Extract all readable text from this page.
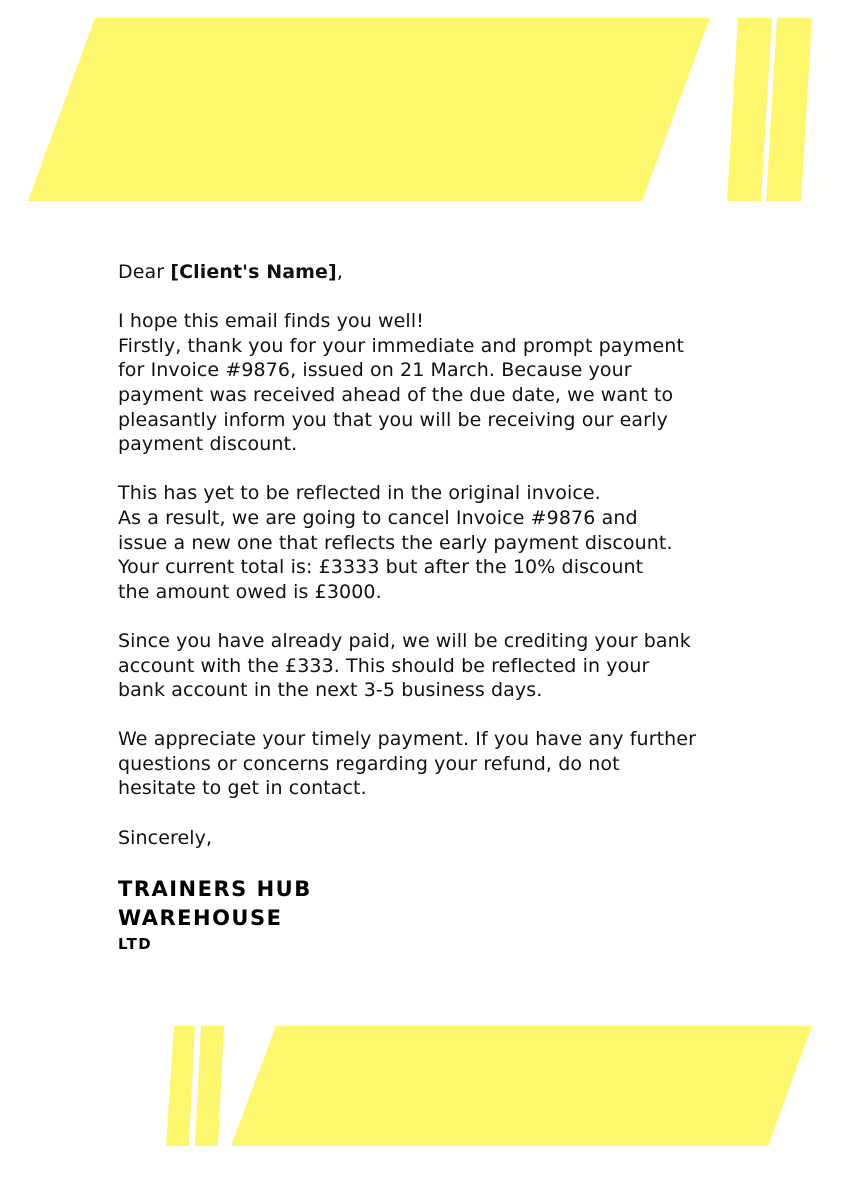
Dear [Client's Name],

I hope this email finds you well!
Firstly, thank you for your immediate and prompt payment
for Invoice #9876, issued on 21 March. Because your
payment was received ahead of the due date, we want to
pleasantly inform you that you will be receiving our early
payment discount.

This has yet to be reflected in the original invoice.
As a result, we are going to cancel Invoice #9876 and
issue a new one that reflects the early payment discount.
Your current total is: £3333 but after the 10% discount
the amount owed is £3000.

Since you have already paid, we will be crediting your bank
account with the £333. This should be reflected in your
bank account in the next 3-5 business days.

We appreciate your timely payment. If you have any further
questions or concerns regarding your refund, do not
hesitate to get in contact.

Sincerely,

TRAINERS HUB
WAREHOUSE
LTD
